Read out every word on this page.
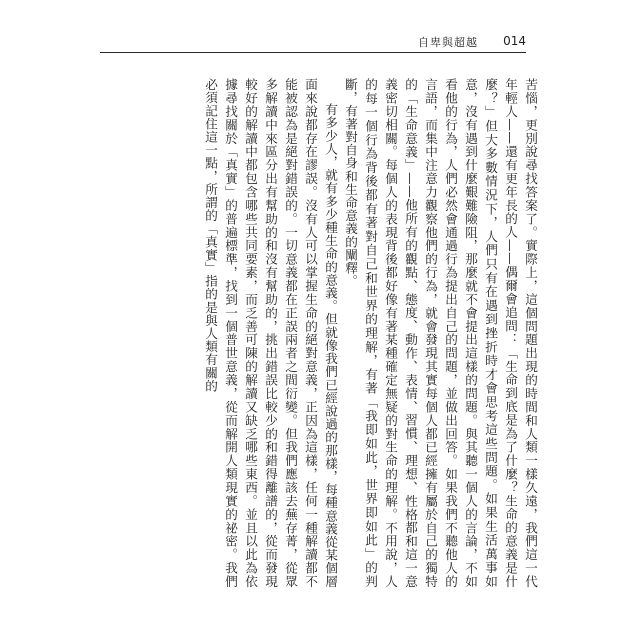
自卑與超越 014

苦惱，更別說尋找答案了。實際上，這個問題出現的時間和人類一樣久遠，我們這一代年輕人——還有更年長的人——偶爾會追問：「生命到底是為了什麼？生命的意義是什麼？」但大多數情況下，人們只有在遇到挫折時才會思考這些問題。如果生活萬事如意，沒有遇到什麼艱難險阻，那麼就不會提出這樣的問題。與其聽一個人的言論，不如看他的行為，人們必然會通過行為提出自己的問題，並做出回答。如果我們不聽他人的言語，而集中注意力觀察他們的行為，就會發現其實每個人都已經擁有屬於自己的獨特的「生命意義」——他所有的觀點、態度、動作、表情、習慣、理想、性格都和這一意義密切相關。每個人的表現背後都好像有著某種確定無疑的對生命的理解。不用說，人的每一個行為背後都有著對自己和世界的理解，有著「我即如此，世界即如此」的判斷，有著對自身和生命意義的闡釋。

有多少人，就有多少種生命的意義。但就像我們已經說過的那樣，每種意義從某個層面來說都存在謬誤。沒有人可以掌握生命的絕對意義，正因為這樣，任何一種解讀都不能被認為是絕對錯誤的。一切意義都在正誤兩者之間衍變。但我們應該去蕪存菁，從眾多解讀中來區分出有幫助的和沒有幫助的，挑出錯誤比較少的和錯得離譜的，從而發現較好的解讀中都包含哪些共同要素，而乏善可陳的解讀又缺乏哪些東西。並且以此為依據尋找關於「真實」的普遍標準，找到一個普世意義，從而解開人類現實的祕密。我們必須記住這一點，所謂的「真實」指的是與人類有關的
